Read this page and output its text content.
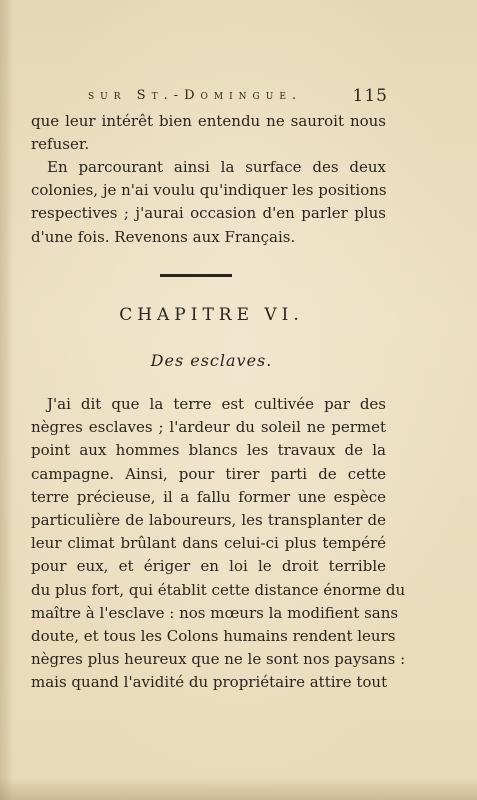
sur St.-Domingue.	115
que leur intérêt bien entendu ne sauroit nous
refuser.
En parcourant ainsi la surface des deux
colonies, je n'ai voulu qu'indiquer les positions
respectives ; j'aurai occasion d'en parler plus
d'une fois. Revenons aux Français.
CHAPITRE VI.
Des esclaves.
J'ai dit que la terre est cultivée par des
nègres esclaves ; l'ardeur du soleil ne permet
point aux hommes blancs les travaux de la
campagne. Ainsi, pour tirer parti de cette
terre précieuse, il a fallu former une espèce
particulière de laboureurs, les transplanter de
leur climat brûlant dans celui-ci plus tempéré
pour eux, et ériger en loi le droit terrible
du plus fort, qui établit cette distance énorme du
maître à l'esclave : nos mœurs la modifient sans
doute, et tous les Colons humains rendent leurs
nègres plus heureux que ne le sont nos paysans :
mais quand l'avidité du propriétaire attire tout
